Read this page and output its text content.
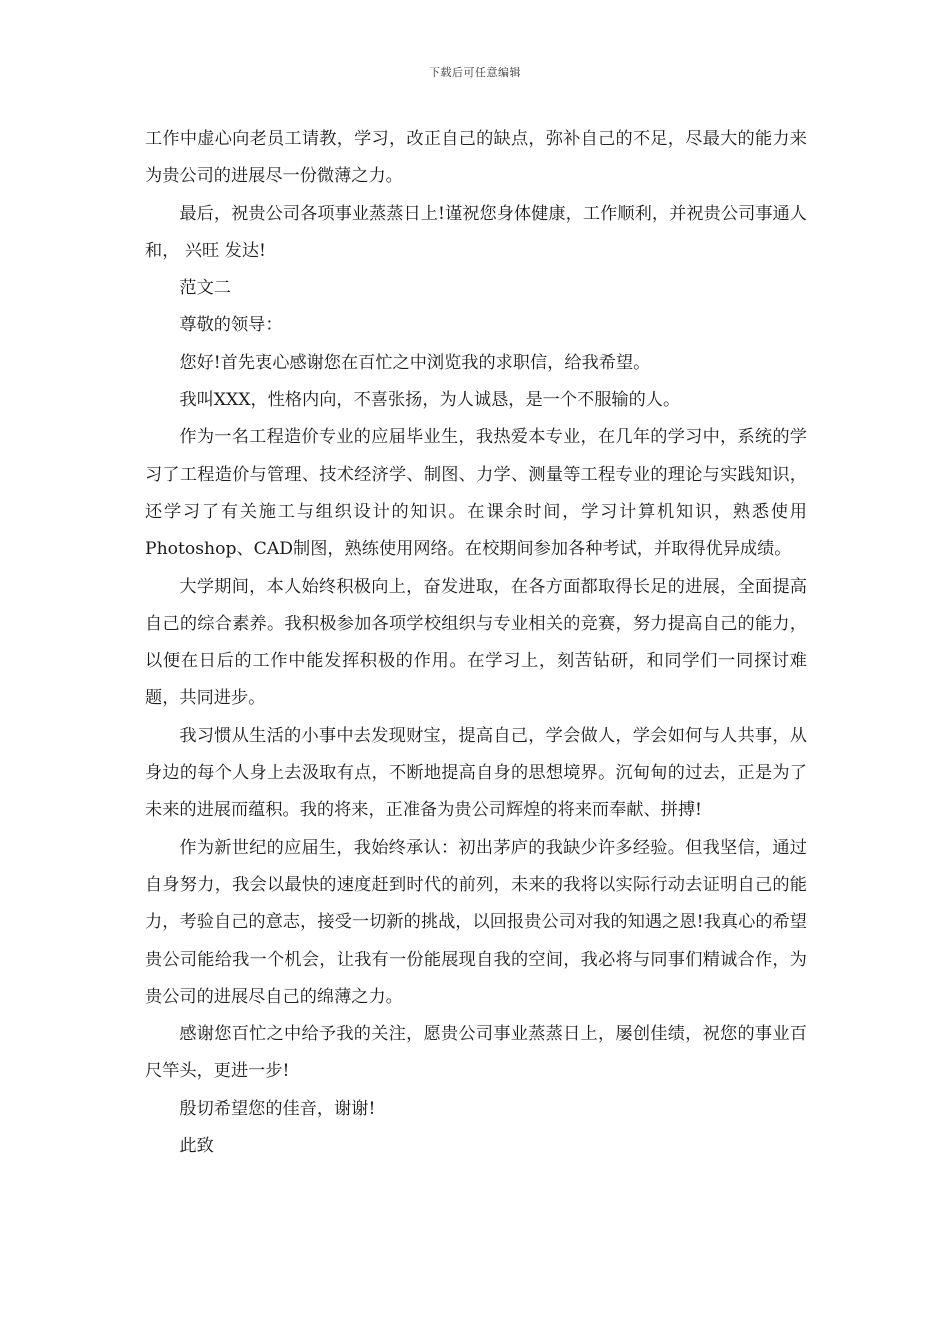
下载后可任意编辑

工作中虚心向老员工请教，学习，改正自己的缺点，弥补自己的不足，尽最大的能力来为贵公司的进展尽一份微薄之力。

最后，祝贵公司各项事业蒸蒸日上!谨祝您身体健康，工作顺利，并祝贵公司事通人和， 兴旺 发达!

范文二

尊敬的领导：

您好!首先衷心感谢您在百忙之中浏览我的求职信，给我希望。

我叫XXX，性格内向，不喜张扬，为人诚恳，是一个不服输的人。

作为一名工程造价专业的应届毕业生，我热爱本专业，在几年的学习中，系统的学习了工程造价与管理、技术经济学、制图、力学、测量等工程专业的理论与实践知识，还学习了有关施工与组织设计的知识。在课余时间，学习计算机知识，熟悉使用Photoshop、CAD制图，熟练使用网络。在校期间参加各种考试，并取得优异成绩。

大学期间，本人始终积极向上，奋发进取，在各方面都取得长足的进展，全面提高自己的综合素养。我积极参加各项学校组织与专业相关的竞赛，努力提高自己的能力，以便在日后的工作中能发挥积极的作用。在学习上，刻苦钻研，和同学们一同探讨难题，共同进步。

我习惯从生活的小事中去发现财宝，提高自己，学会做人，学会如何与人共事，从身边的每个人身上去汲取有点，不断地提高自身的思想境界。沉甸甸的过去，正是为了未来的进展而蕴积。我的将来，正准备为贵公司辉煌的将来而奉献、拼搏!

作为新世纪的应届生，我始终承认：初出茅庐的我缺少许多经验。但我坚信，通过自身努力，我会以最快的速度赶到时代的前列，未来的我将以实际行动去证明自己的能力，考验自己的意志，接受一切新的挑战，以回报贵公司对我的知遇之恩!我真心的希望贵公司能给我一个机会，让我有一份能展现自我的空间，我必将与同事们精诚合作，为贵公司的进展尽自己的绵薄之力。

感谢您百忙之中给予我的关注，愿贵公司事业蒸蒸日上，屡创佳绩，祝您的事业百尺竿头，更进一步!

殷切希望您的佳音，谢谢!

此致
